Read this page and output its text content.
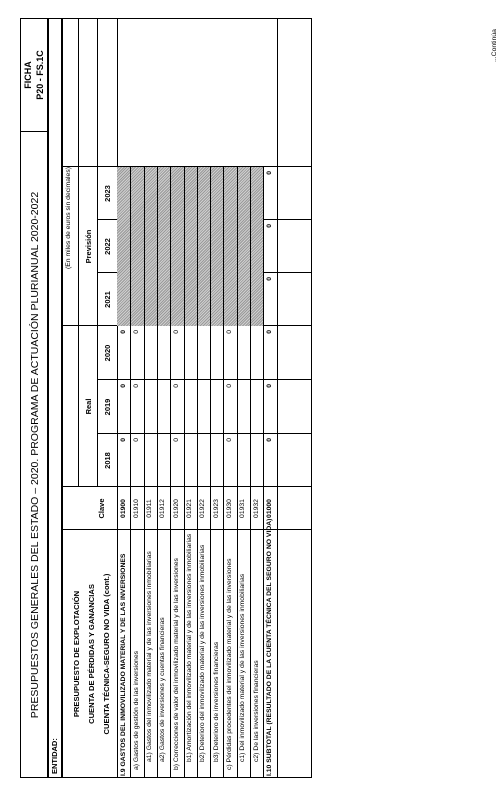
PRESUPUESTOS GENERALES DEL ESTADO – 2020. PROGRAMA DE ACTUACIÓN PLURIANUAL 2020-2022
FICHA P20 - FS.1C
ENTIDAD:
PRESUPUESTO DE EXPLOTACIÓN CUENTA DE PÉRDIDAS Y GANANCIAS CUENTA TÉCNICA-SEGURO NO VIDA (cont.)
Clave
(En miles de euros sin decimales)
Real
Previsión
2018
2019
2020
2021
2022
2023
I.9 GASTOS DEL INMOVILIZADO MATERIAL Y DE LAS INVERSIONES
01900
0
0
0
a) Gastos de gestión de las inversiones
01910
0
0
0
a1) Gastos del inmovilizado material y de las inversiones inmobiliarias
01911
a2) Gastos de inversiones y cuentas financieras
01912
b) Correcciones de valor del inmovilizado material y de las inversiones
01920
0
0
0
b1) Amortización del inmovilizado material y de las inversiones inmobiliarias
01921
b2) Deterioro del inmovilizado material y de las inversiones inmobiliarias
01922
b3) Deterioro de inversiones financieras
01923
c) Pérdidas procedentes del inmovilizado material y de las inversiones
01930
0
0
0
c1) Del inmovilizado material y de las inversiones inmobiliarias
01931
c2) De las inversiones financieras
01932
I.10 SUBTOTAL (RESULTADO DE LA CUENTA TÉCNICA DEL SEGURO NO VIDA)
01000
0
0
0
0
0
0
...Continúa
